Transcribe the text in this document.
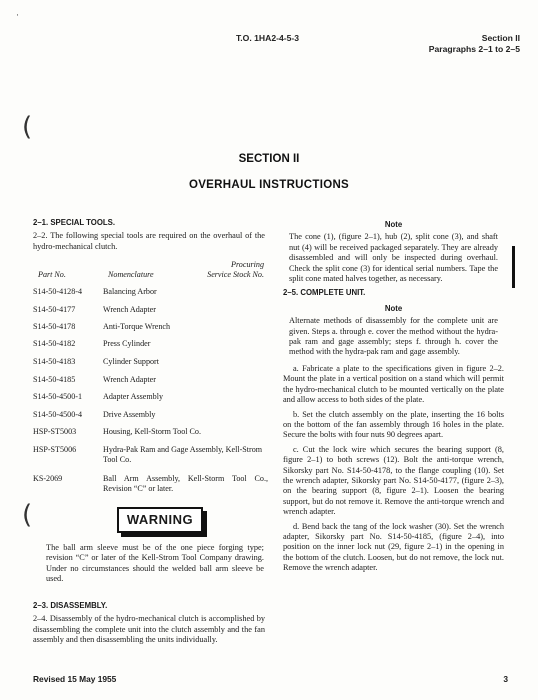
T.O. 1HA2-4-5-3	Section II
Paragraphs 2–1 to 2–5
·
(
(
SECTION II
OVERHAUL INSTRUCTIONS

2–1. SPECIAL TOOLS.

2–2. The following special tools are required on the overhaul of the hydro-mechanical clutch.

Procuring
Part No.	Nomenclature	Service Stock No.
S14-50-4128-4	Balancing Arbor
S14-50-4177	Wrench Adapter
S14-50-4178	Anti-Torque Wrench
S14-50-4182	Press Cylinder
S14-50-4183	Cylinder Support
S14-50-4185	Wrench Adapter
S14-50-4500-1	Adapter Assembly
S14-50-4500-4	Drive Assembly
HSP-ST5003	Housing, Kell-Storm Tool Co.
HSP-ST5006	Hydra-Pak Ram and Gage Assembly, Kell-Strom Tool Co.
KS-2069	Ball Arm Assembly, Kell-Storm Tool Co., Revision “C” or later.
WARNING
The ball arm sleeve must be of the one piece forging type; revision “C” or later of the Kell-Strom Tool Company drawing. Under no circumstances should the welded ball arm sleeve be used.

2–3. DISASSEMBLY.

2–4. Disassembly of the hydro-mechanical clutch is accomplished by disassembling the complete unit into the clutch assembly and the fan assembly and then disassembling the units individually.

Note

The cone (1), (figure 2–1), hub (2), split cone (3), and shaft nut (4) will be received packaged separately. They are already disassembled and will only be inspected during overhaul. Check the split cone (3) for identical serial numbers. Tape the split cone mated halves together, as necessary.

2–5. COMPLETE UNIT.

Note

Alternate methods of disassembly for the complete unit are given. Steps a. through e. cover the method without the hydra-pak ram and gage assembly; steps f. through h. cover the method with the hydra-pak ram and gage assembly.

a. Fabricate a plate to the specifications given in figure 2–2. Mount the plate in a vertical position on a stand which will permit the hydro-mechanical clutch to be mounted vertically on the plate and allow access to both sides of the plate.

b. Set the clutch assembly on the plate, inserting the 16 bolts on the bottom of the fan assembly through 16 holes in the plate. Secure the bolts with four nuts 90 degrees apart.

c. Cut the lock wire which secures the bearing support (8, figure 2–1) to both screws (12). Bolt the anti-torque wrench, Sikorsky part No. S14-50-4178, to the flange coupling (10). Set the wrench adapter, Sikorsky part No. S14-50-4177, (figure 2–3), on the bearing support (8, figure 2–1). Loosen the bearing support, but do not remove it. Remove the anti-torque wrench and wrench adapter.

d. Bend back the tang of the lock washer (30). Set the wrench adapter, Sikorsky part No. S14-50-4185, (figure 2–4), into position on the inner lock nut (29, figure 2–1) in the opening in the bottom of the clutch. Loosen, but do not remove, the lock nut. Remove the wrench adapter.

Revised 15 May 1955	3
